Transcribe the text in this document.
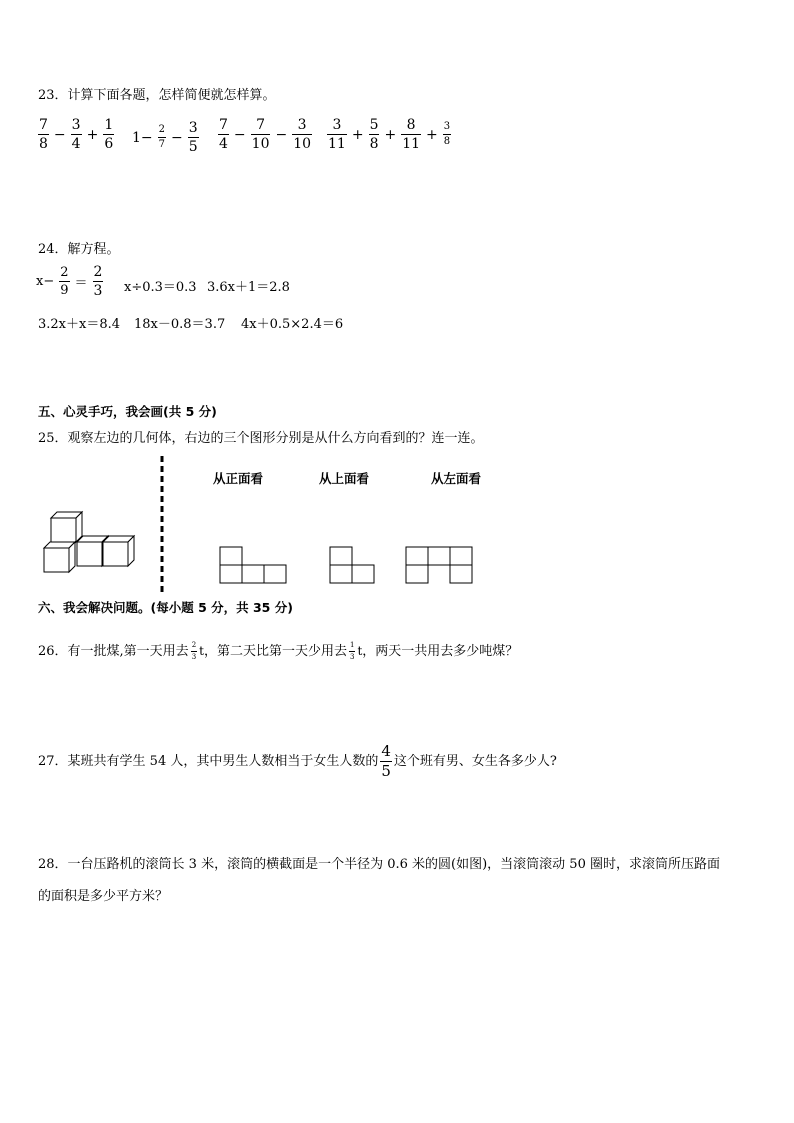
23．计算下面各题，怎样简便就怎样算。
$\frac{7}{8} - \frac{3}{4} + \frac{1}{6} 1- \frac{2}{7} - \frac{3}{5} \frac{7}{4} - \frac{7}{10} - \frac{3}{10} \frac{3}{11} + \frac{5}{8} + \frac{8}{11} + \frac{3}{8}$
24．解方程。
$x- \frac{2}{9} = \frac{2}{3} x\div 0.3=0.3$ 3.6x＋1＝2.8
3.2x＋x＝8.4 18x－0.8＝3.7 4x＋0.5×2.4＝6
五、心灵手巧，我会画(共 5 分)
25．观察左边的几何体，右边的三个图形分别是从什么方向看到的？连一连。
从正面看	从上面看	从左面看
六、我会解决问题。(每小题 5 分，共 35 分)
26．有一批煤,第一天用去 $\frac{2}{3}$ t，第二天比第一天少用去 $\frac{1}{3}$ t，两天一共用去多少吨煤？
27．某班共有学生 54 人，其中男生人数相当于女生人数的 $\frac{4}{5}$ 这个班有男、女生各多少人?
28．一台压路机的滚筒长 3 米，滚筒的横截面是一个半径为 0.6 米的圆(如图)，当滚筒滚动 50 圈时，求滚筒所压路面
的面积是多少平方米？
